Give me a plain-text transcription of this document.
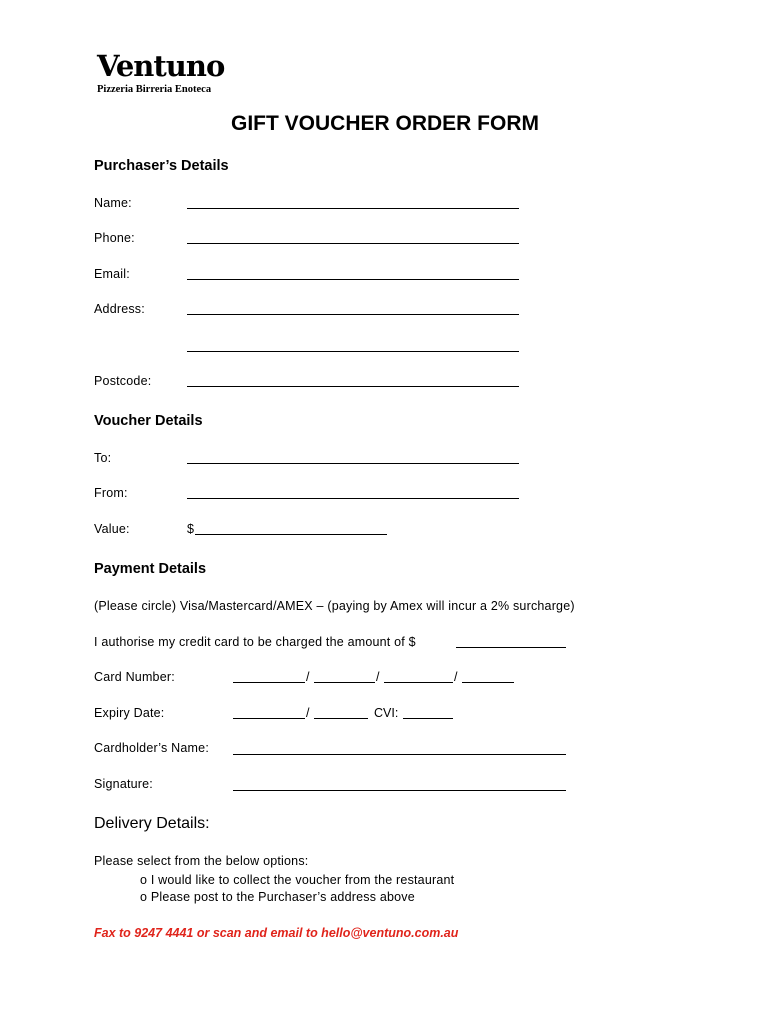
Ventuno
Pizzeria Birreria Enoteca
GIFT VOUCHER ORDER FORM
Purchaser’s Details
Name:
Phone:
Email:
Address:
Postcode:
Voucher Details
To:
From:
Value:	$
Payment Details
(Please circle) Visa/Mastercard/AMEX – (paying by Amex will incur a 2% surcharge)
I authorise my credit card to be charged the amount of $
Card Number:	/	/	/
Expiry Date:	/	CVI:
Cardholder’s Name:
Signature:
Delivery Details:
Please select from the below options:
o I would like to collect the voucher from the restaurant
o Please post to the Purchaser’s address above
Fax to 9247 4441 or scan and email to hello@ventuno.com.au
